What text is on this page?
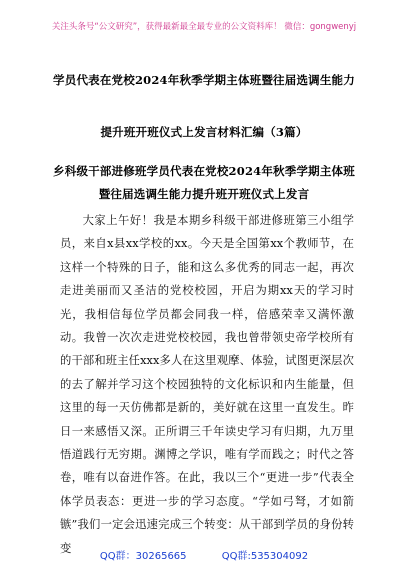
关注头条号“公文研究”，获得最新最全最专业的公文资料库！ 微信：gongwenyj
学员代表在党校2024年秋季学期主体班暨往届选调生能力
提升班开班仪式上发言材料汇编（3篇）
乡科级干部进修班学员代表在党校2024年秋季学期主体班
暨往届选调生能力提升班开班仪式上发言

大家上午好！我是本期乡科级干部进修班第三小组学员，来自x县xx学校的xx。今天是全国第xx个教师节，在这样一个特殊的日子，能和这么多优秀的同志一起，再次走进美丽而又圣洁的党校校园，开启为期xx天的学习时光，我相信每位学员都会同我一样，倍感荣幸又满怀激动。我曾一次次走进党校校园，我也曾带领史帝学校所有的干部和班主任xxx多人在这里观摩、体验，试图更深层次的去了解并学习这个校园独特的文化标识和内生能量，但这里的每一天仿佛都是新的，美好就在这里一直发生。昨日一来感悟又深。正所谓三千年读史学习有归期，九万里悟道践行无穷期。渊博之学识，唯有学而践之；时代之答卷，唯有以奋进作答。在此，我以三个“更进一步”代表全体学员表态：更进一步的学习态度。“学如弓弩，才如箭镞”我们一定会迅速完成三个转变：从干部到学员的身份转变

QQ群：30265665	QQ群:535304092
